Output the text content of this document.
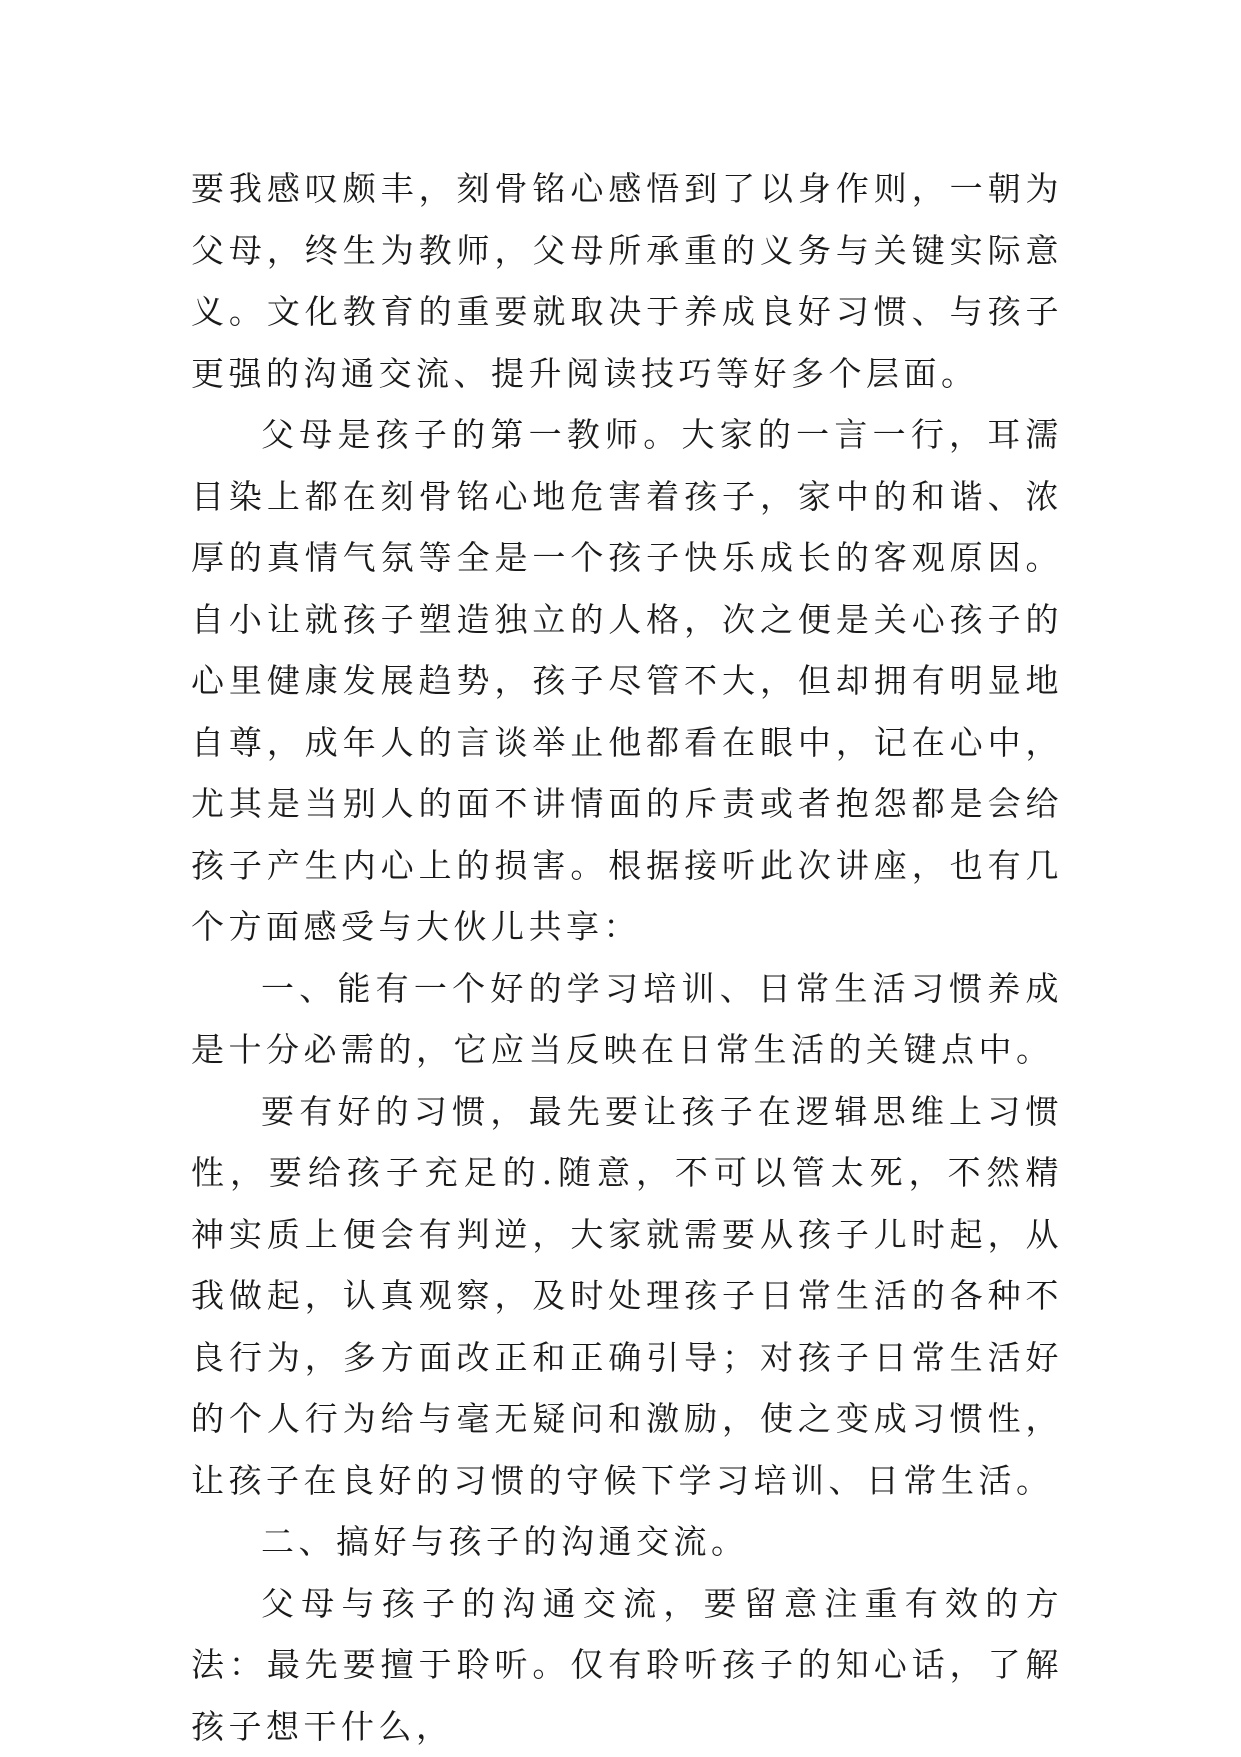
要我感叹颇丰，刻骨铭心感悟到了以身作则，一朝为父母，终生为教师，父母所承重的义务与关键实际意义。文化教育的重要就取决于养成良好习惯、与孩子更强的沟通交流、提升阅读技巧等好多个层面。

父母是孩子的第一教师。大家的一言一行，耳濡目染上都在刻骨铭心地危害着孩子，家中的和谐、浓厚的真情气氛等全是一个孩子快乐成长的客观原因。自小让就孩子塑造独立的人格，次之便是关心孩子的心里健康发展趋势，孩子尽管不大，但却拥有明显地自尊，成年人的言谈举止他都看在眼中，记在心中，尤其是当别人的面不讲情面的斥责或者抱怨都是会给孩子产生内心上的损害。根据接听此次讲座，也有几个方面感受与大伙儿共享：

一、能有一个好的学习培训、日常生活习惯养成是十分必需的，它应当反映在日常生活的关键点中。

要有好的习惯，最先要让孩子在逻辑思维上习惯性，要给孩子充足的.随意，不可以管太死，不然精神实质上便会有判逆，大家就需要从孩子儿时起，从我做起，认真观察，及时处理孩子日常生活的各种不良行为，多方面改正和正确引导；对孩子日常生活好的个人行为给与毫无疑问和激励，使之变成习惯性，让孩子在良好的习惯的守候下学习培训、日常生活。

二、搞好与孩子的沟通交流。

父母与孩子的沟通交流，要留意注重有效的方法：最先要擅于聆听。仅有聆听孩子的知心话，了解孩子想干什么，
